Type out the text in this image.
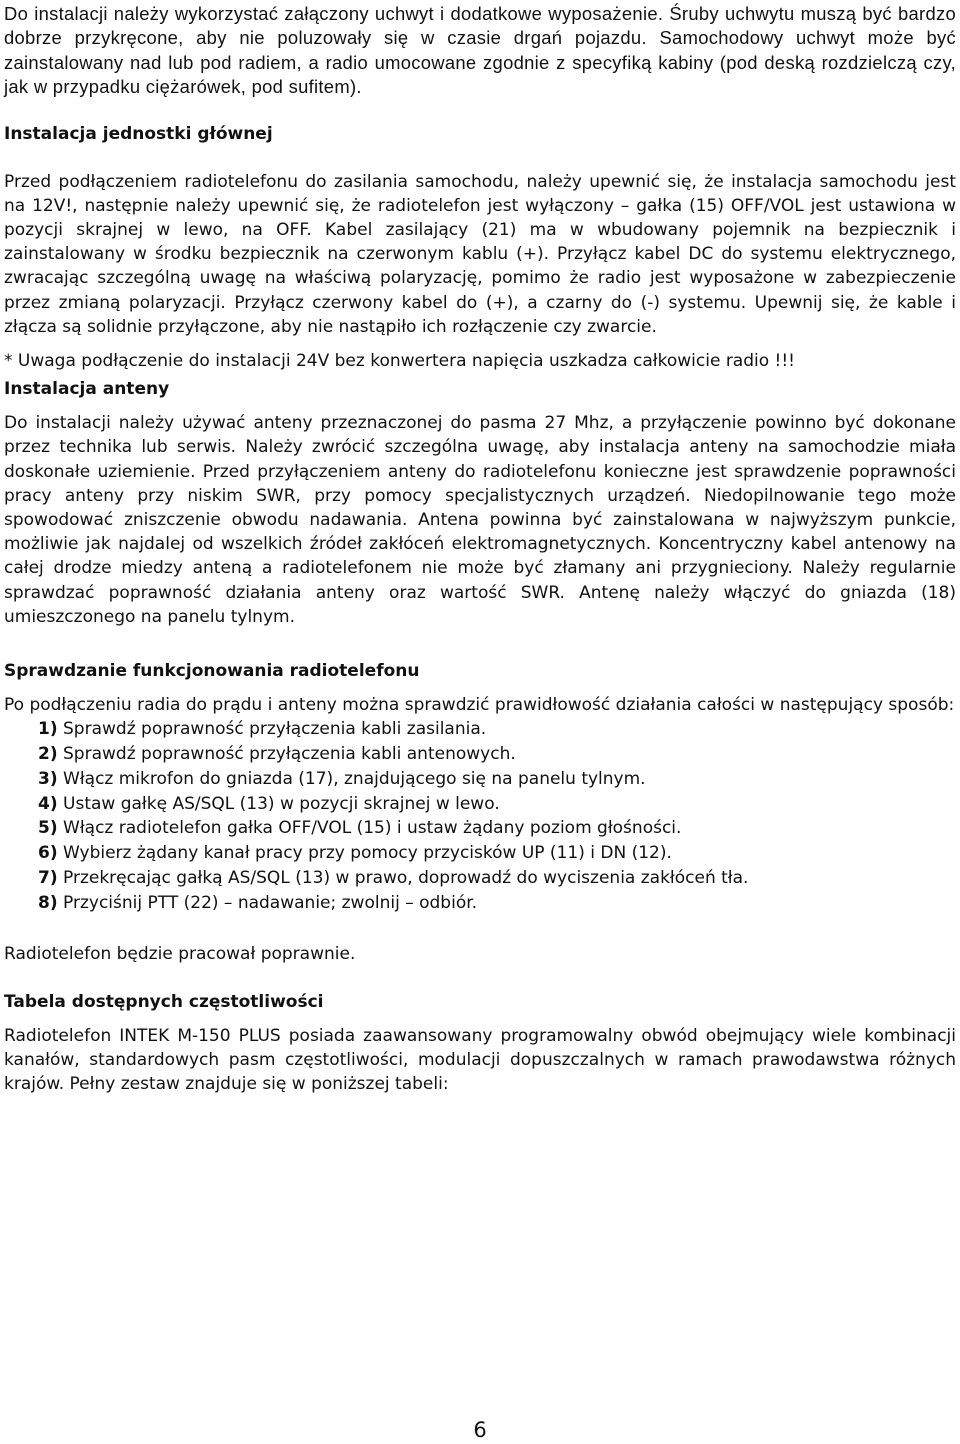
Do instalacji należy wykorzystać załączony uchwyt i dodatkowe wyposażenie. Śruby uchwytu muszą być bardzo dobrze przykręcone, aby nie poluzowały się w czasie drgań pojazdu. Samochodowy uchwyt może być zainstalowany nad lub pod radiem, a radio umocowane zgodnie z specyfiką kabiny (pod deską rozdzielczą czy, jak w przypadku ciężarówek, pod sufitem).

Instalacja jednostki głównej

Przed podłączeniem radiotelefonu do zasilania samochodu, należy upewnić się, że instalacja samochodu jest na 12V!, następnie należy upewnić się, że radiotelefon jest wyłączony – gałka (15) OFF/VOL jest ustawiona w pozycji skrajnej w lewo, na OFF. Kabel zasilający (21) ma w wbudowany pojemnik na bezpiecznik i zainstalowany w środku bezpiecznik na czerwonym kablu (+). Przyłącz kabel DC do systemu elektrycznego, zwracając szczególną uwagę na właściwą polaryzację, pomimo że radio jest wyposażone w zabezpieczenie przez zmianą polaryzacji. Przyłącz czerwony kabel do (+), a czarny do (-) systemu. Upewnij się, że kable i złącza są solidnie przyłączone, aby nie nastąpiło ich rozłączenie czy zwarcie.

* Uwaga podłączenie do instalacji 24V bez konwertera napięcia uszkadza całkowicie radio !!!

Instalacja anteny

Do instalacji należy używać anteny przeznaczonej do pasma 27 Mhz, a przyłączenie powinno być dokonane przez technika lub serwis. Należy zwrócić szczególna uwagę, aby instalacja anteny na samochodzie miała doskonałe uziemienie. Przed przyłączeniem anteny do radiotelefonu konieczne jest sprawdzenie poprawności pracy anteny przy niskim SWR, przy pomocy specjalistycznych urządzeń. Niedopilnowanie tego może spowodować zniszczenie obwodu nadawania. Antena powinna być zainstalowana w najwyższym punkcie, możliwie jak najdalej od wszelkich źródeł zakłóceń elektromagnetycznych. Koncentryczny kabel antenowy na całej drodze miedzy anteną a radiotelefonem nie może być złamany ani przygnieciony. Należy regularnie sprawdzać poprawność działania anteny oraz wartość SWR. Antenę należy włączyć do gniazda (18) umieszczonego na panelu tylnym.

Sprawdzanie funkcjonowania radiotelefonu

Po podłączeniu radia do prądu i anteny można sprawdzić prawidłowość działania całości w następujący sposób:

1) Sprawdź poprawność przyłączenia kabli zasilania.
2) Sprawdź poprawność przyłączenia kabli antenowych.
3) Włącz mikrofon do gniazda (17), znajdującego się na panelu tylnym.
4) Ustaw gałkę AS/SQL (13) w pozycji skrajnej w lewo.
5) Włącz radiotelefon gałka OFF/VOL (15) i ustaw żądany poziom głośności.
6) Wybierz żądany kanał pracy przy pomocy przycisków UP (11) i DN (12).
7) Przekręcając gałką AS/SQL (13) w prawo, doprowadź do wyciszenia zakłóceń tła.
8) Przyciśnij PTT (22) – nadawanie; zwolnij – odbiór.

Radiotelefon będzie pracował poprawnie.

Tabela dostępnych częstotliwości

Radiotelefon INTEK M-150 PLUS posiada zaawansowany programowalny obwód obejmujący wiele kombinacji kanałów, standardowych pasm częstotliwości, modulacji dopuszczalnych w ramach prawodawstwa różnych krajów. Pełny zestaw znajduje się w poniższej tabeli:

6
